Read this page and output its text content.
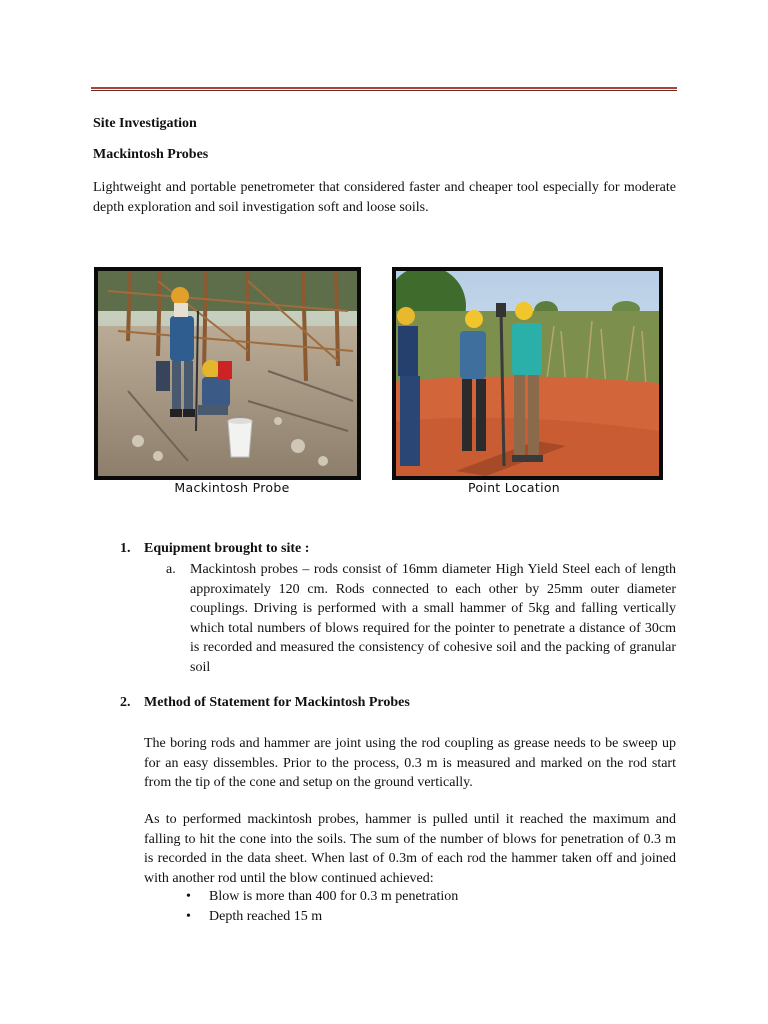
Site Investigation
Mackintosh Probes
Lightweight and portable penetrometer that considered faster and cheaper tool especially for moderate depth exploration and soil investigation soft and loose soils.
Mackintosh Probe	Point Location
1. Equipment brought to site :
a. Mackintosh probes – rods consist of 16mm diameter High Yield Steel each of length approximately 120 cm. Rods connected to each other by 25mm outer diameter couplings. Driving is performed with a small hammer of 5kg and falling vertically which total numbers of blows required for the pointer to penetrate a distance of 30cm is recorded and measured the consistency of cohesive soil and the packing of granular soil
2. Method of Statement for Mackintosh Probes
The boring rods and hammer are joint using the rod coupling as grease needs to be sweep up for an easy dissembles. Prior to the process, 0.3 m is measured and marked on the rod start from the tip of the cone and setup on the ground vertically.
As to performed mackintosh probes, hammer is pulled until it reached the maximum and falling to hit the cone into the soils. The sum of the number of blows for penetration of 0.3 m is recorded in the data sheet. When last of 0.3m of each rod the hammer taken off and joined with another rod until the blow continued achieved:
• Blow is more than 400 for 0.3 m penetration
• Depth reached 15 m
